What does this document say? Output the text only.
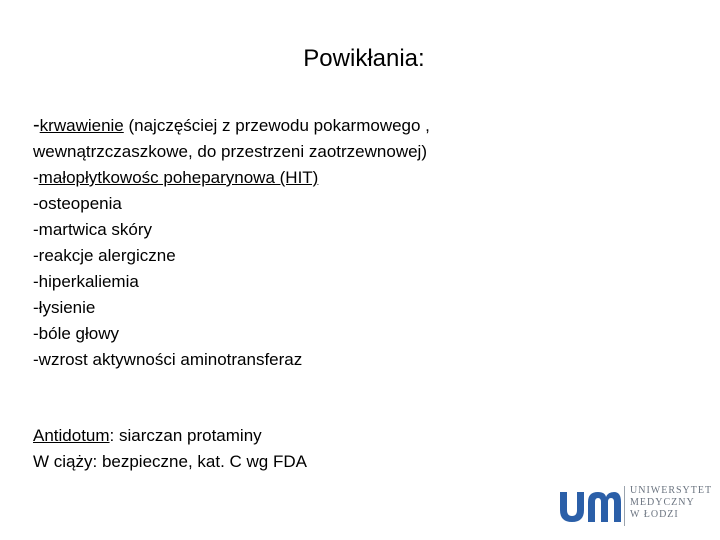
Powikłania:
-krwawienie (najczęściej z przewodu pokarmowego ,
wewnątrzczaszkowe, do przestrzeni zaotrzewnowej)
-małopłytkowośc poheparynowa (HIT)
-osteopenia
-martwica skóry
-reakcje alergiczne
-hiperkaliemia
-łysienie
-bóle głowy
-wzrost aktywności aminotransferaz
Antidotum: siarczan protaminy
W ciąży: bezpieczne, kat. C wg FDA
UNIWERSYTET
MEDYCZNY
W ŁODZI
